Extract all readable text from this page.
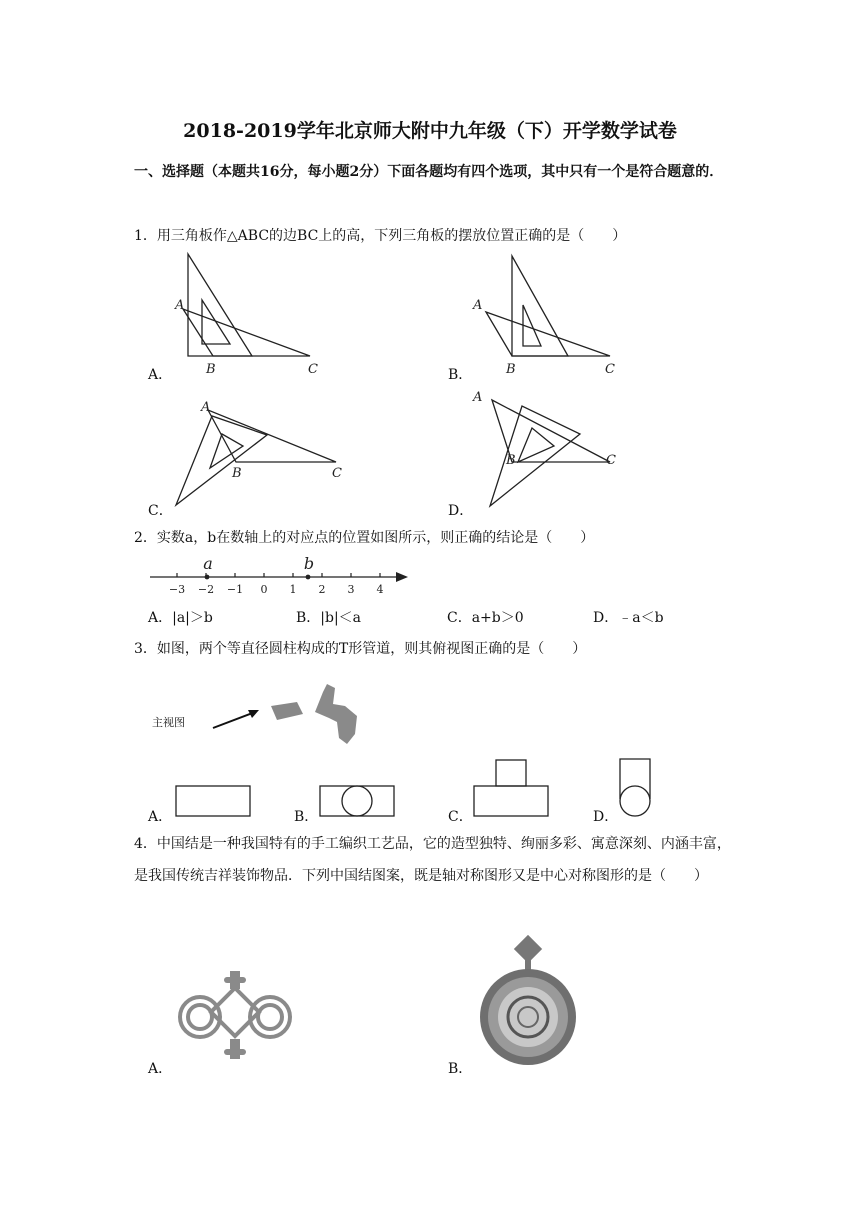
2018-2019学年北京师大附中九年级（下）开学数学试卷
一、选择题（本题共16分，每小题2分）下面各题均有四个选项，其中只有一个是符合题意的．
1．用三角板作△ABC的边BC上的高，下列三角板的摆放位置正确的是（　　）
A
B	C
A
B	C
A
B	C
A
B	C
A．	B．
C．	D．
2．实数a，b在数轴上的对应点的位置如图所示，则正确的结论是（　　）
−3 −2 −1 0 1 2 3 4
a	b
A．|a|＞b	B．|b|＜a	C．a+b＞0	D．﹣a＜b
3．如图，两个等直径圆柱构成的T形管道，则其俯视图正确的是（　　）
主视图
A．	B．	C．	D．
4．中国结是一种我国特有的手工编织工艺品，它的造型独特、绚丽多彩、寓意深刻、内涵丰富，是我国传统吉祥装饰物品．下列中国结图案，既是轴对称图形又是中心对称图形的是（　　）
A．	B．
